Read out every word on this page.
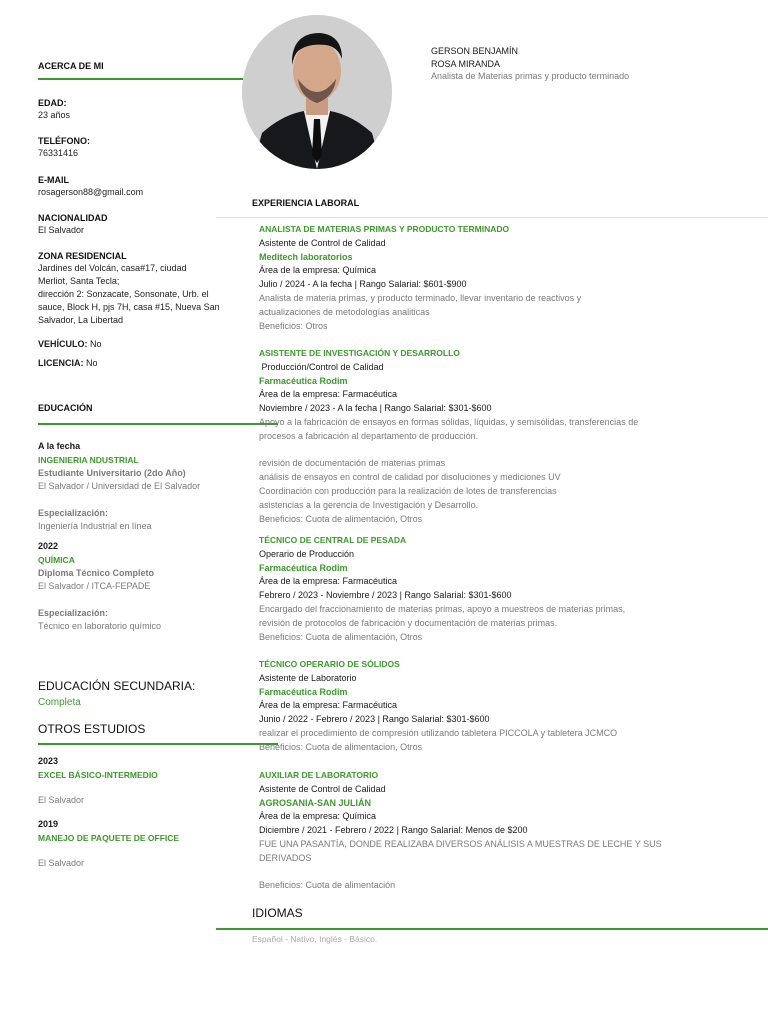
GERSON BENJAMÍN
ROSA MIRANDA
Analista de Materias primas y producto terminado
ACERCA DE MI
EDAD:
23 años
TELÉFONO:
76331416
E-MAIL
rosagerson88@gmail.com
NACIONALIDAD
El Salvador
ZONA RESIDENCIAL
Jardines del Volcán, casa#17, ciudad
Merliot, Santa Tecla;
dirección 2: Sonzacate, Sonsonate, Urb. el
sauce, Block H, pjs 7H, casa #15, Nueva San
Salvador, La Libertad
VEHÍCULO: No
LICENCIA: No
EDUCACIÓN
A la fecha
INGENIERIA NDUSTRIAL
Estudiante Universitario (2do Año)
El Salvador / Universidad de El Salvador
Especialización:
Ingeniería Industrial en línea
2022
QUÍMICA
Diploma Técnico Completo
El Salvador / ITCA-FEPADE
Especialización:
Técnico en laboratorio químico
EDUCACIÓN SECUNDARIA:
Completa
OTROS ESTUDIOS
2023
EXCEL BÁSICO-INTERMEDIO
El Salvador
2019
MANEJO DE PAQUETE DE OFFICE
El Salvador
EXPERIENCIA LABORAL
ANALISTA DE MATERIAS PRIMAS Y PRODUCTO TERMINADO
Asistente de Control de Calidad
Meditech laboratorios
Área de la empresa: Química
Julio / 2024 - A la fecha | Rango Salarial: $601-$900
Analista de materia primas, y producto terminado, llevar inventario de reactivos y
actualizaciones de metodologías analiticas
Beneficios: Otros
ASISTENTE DE INVESTIGACIÓN Y DESARROLLO
Producción/Control de Calidad
Farmacéutica Rodim
Área de la empresa: Farmacéutica
Noviembre / 2023 - A la fecha | Rango Salarial: $301-$600
Apoyo a la fabricación de ensayos en formas sólidas, líquidas, y semisólidas, transferencias de
procesos a fabricación al departamento de producción.
revisión de documentación de materias primas
análisis de ensayos en control de calidad por disoluciones y mediciones UV
Coordinación con producción para la realización de lotes de transferencias
asistencias a la gerencia de Investigación y Desarrollo.
Beneficios: Cuota de alimentación, Otros
TÉCNICO DE CENTRAL DE PESADA
Operario de Producción
Farmacéutica Rodim
Área de la empresa: Farmacéutica
Febrero / 2023 - Noviembre / 2023 | Rango Salarial: $301-$600
Encargado del fraccionamiento de materias primas, apoyo a muestreos de materias primas,
revisión de protocolos de fabricación y documentación de materias primas.
Beneficios: Cuota de alimentación, Otros
TÉCNICO OPERARIO DE SÓLIDOS
Asistente de Laboratorio
Farmacéutica Rodim
Área de la empresa: Farmacéutica
Junio / 2022 - Febrero / 2023 | Rango Salarial: $301-$600
realizar el procedimiento de compresión utilizando tabletera PICCOLA y tabletera JCMCO
Beneficios: Cuota de alimentacion, Otros
AUXILIAR DE LABORATORIO
Asistente de Control de Calidad
AGROSANIA-SAN JULIÁN
Área de la empresa: Química
Diciembre / 2021 - Febrero / 2022 | Rango Salarial: Menos de $200
FUE UNA PASANTÍA, DONDE REALIZABA DIVERSOS ANÁLISIS A MUESTRAS DE LECHE Y SUS
DERIVADOS
Beneficios: Cuota de alimentación
IDIOMAS
Español - Nativo, Inglés - Básico.
